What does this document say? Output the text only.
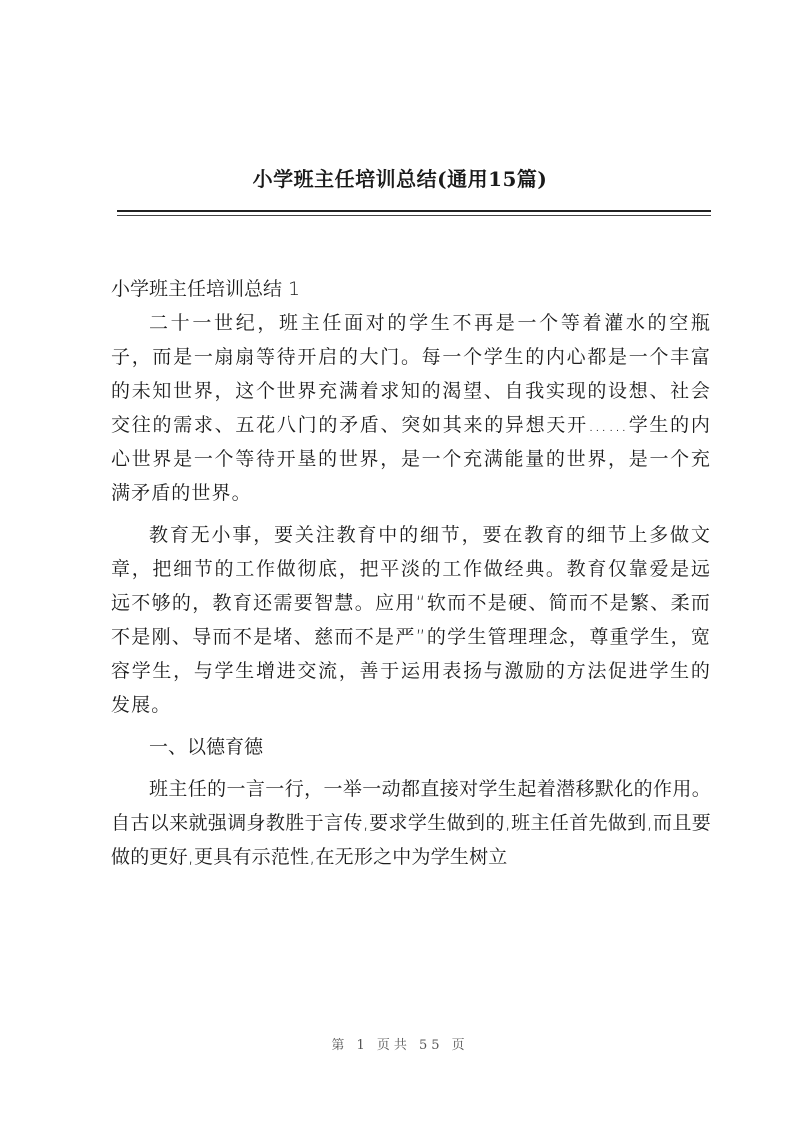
小学班主任培训总结(通用15篇)
小学班主任培训总结 1

二十一世纪，班主任面对的学生不再是一个等着灌水的空瓶子，而是一扇扇等待开启的大门。每一个学生的内心都是一个丰富的未知世界，这个世界充满着求知的渴望、自我实现的设想、社会交往的需求、五花八门的矛盾、突如其来的异想天开……学生的内心世界是一个等待开垦的世界，是一个充满能量的世界，是一个充满矛盾的世界。

教育无小事，要关注教育中的细节，要在教育的细节上多做文章，把细节的工作做彻底，把平淡的工作做经典。教育仅靠爱是远远不够的，教育还需要智慧。应用“软而不是硬、简而不是繁、柔而不是刚、导而不是堵、慈而不是严”的学生管理理念，尊重学生，宽容学生，与学生增进交流，善于运用表扬与激励的方法促进学生的发展。

一、以德育德

班主任的一言一行，一举一动都直接对学生起着潜移默化的作用。自古以来就强调身教胜于言传,要求学生做到的,班主任首先做到,而且要做的更好,更具有示范性,在无形之中为学生树立

第 1 页共 55 页
